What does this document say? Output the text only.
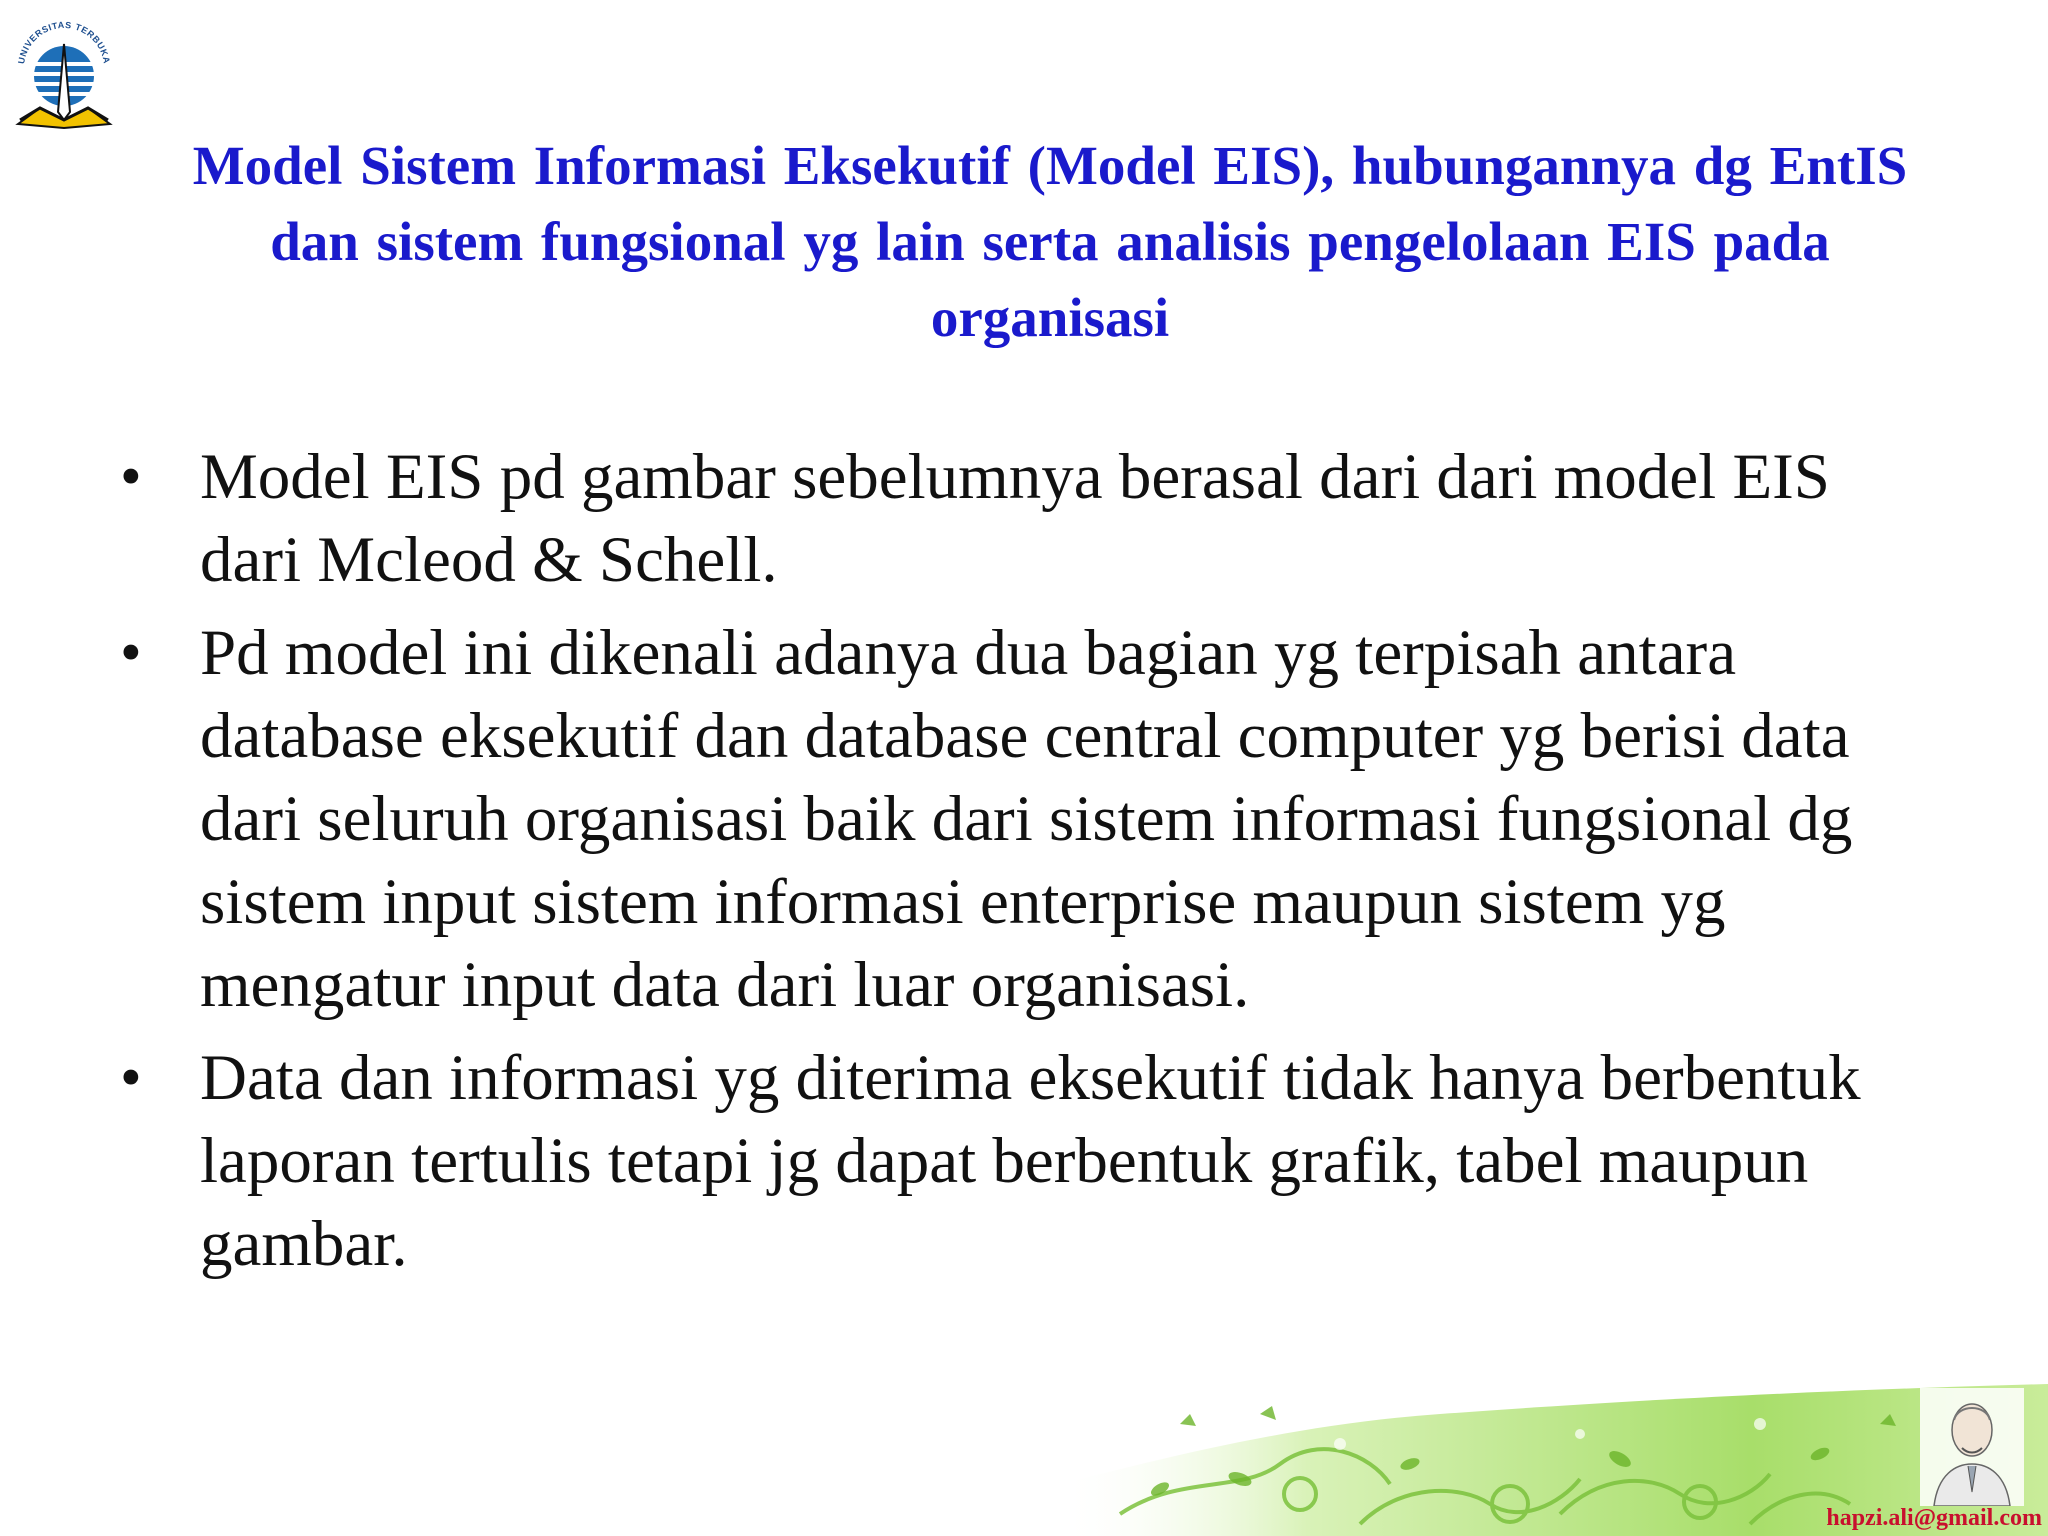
UNIVERSITAS TERBUKA
Model Sistem Informasi Eksekutif (Model EIS), hubungannya dg EntIS dan sistem fungsional yg lain serta analisis pengelolaan EIS pada organisasi
• Model EIS pd gambar sebelumnya berasal dari dari model EIS dari Mcleod & Schell.
• Pd model ini dikenali adanya dua bagian yg terpisah antara database eksekutif dan database central computer yg berisi data dari seluruh organisasi baik dari sistem informasi fungsional dg sistem input sistem informasi enterprise maupun sistem yg mengatur input data dari luar organisasi.
• Data dan informasi yg diterima eksekutif tidak hanya berbentuk laporan tertulis tetapi jg dapat berbentuk grafik, tabel maupun gambar.
hapzi.ali@gmail.com
